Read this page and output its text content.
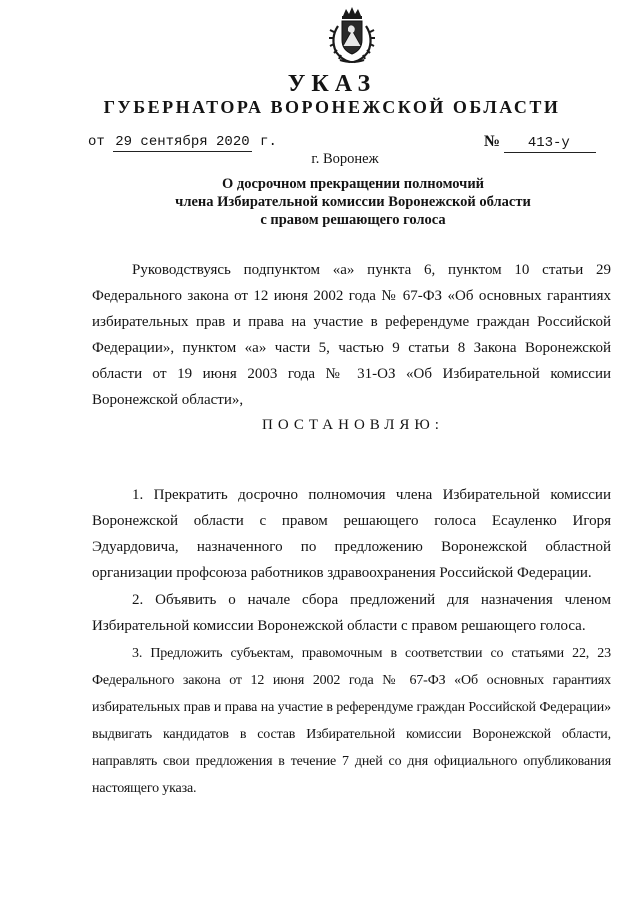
УКАЗ
ГУБЕРНАТОРА ВОРОНЕЖСКОЙ ОБЛАСТИ
от 29 сентября 2020 г.	№ 413-у
г. Воронеж
О досрочном прекращении полномочий
члена Избирательной комиссии Воронежской области
с правом решающего голоса

Руководствуясь подпунктом «а» пункта 6, пунктом 10 статьи 29 Федерального закона от 12 июня 2002 года № 67-ФЗ «Об основных гарантиях избирательных прав и права на участие в референдуме граждан Российской Федерации», пунктом «а» части 5, частью 9 статьи 8 Закона Воронежской области от 19 июня 2003 года № 31-ОЗ «Об Избирательной комиссии Воронежской области»,

ПОСТАНОВЛЯЮ:

1. Прекратить досрочно полномочия члена Избирательной комиссии Воронежской области с правом решающего голоса Есауленко Игоря Эдуардовича, назначенного по предложению Воронежской областной организации профсоюза работников здравоохранения Российской Федерации.

2. Объявить о начале сбора предложений для назначения членом Избирательной комиссии Воронежской области с правом решающего голоса.

3. Предложить субъектам, правомочным в соответствии со статьями 22, 23 Федерального закона от 12 июня 2002 года № 67-ФЗ «Об основных гарантиях избирательных прав и права на участие в референдуме граждан Российской Федерации» выдвигать кандидатов в состав Избирательной комиссии Воронежской области, направлять свои предложения в течение 7 дней со дня официального опубликования настоящего указа.
